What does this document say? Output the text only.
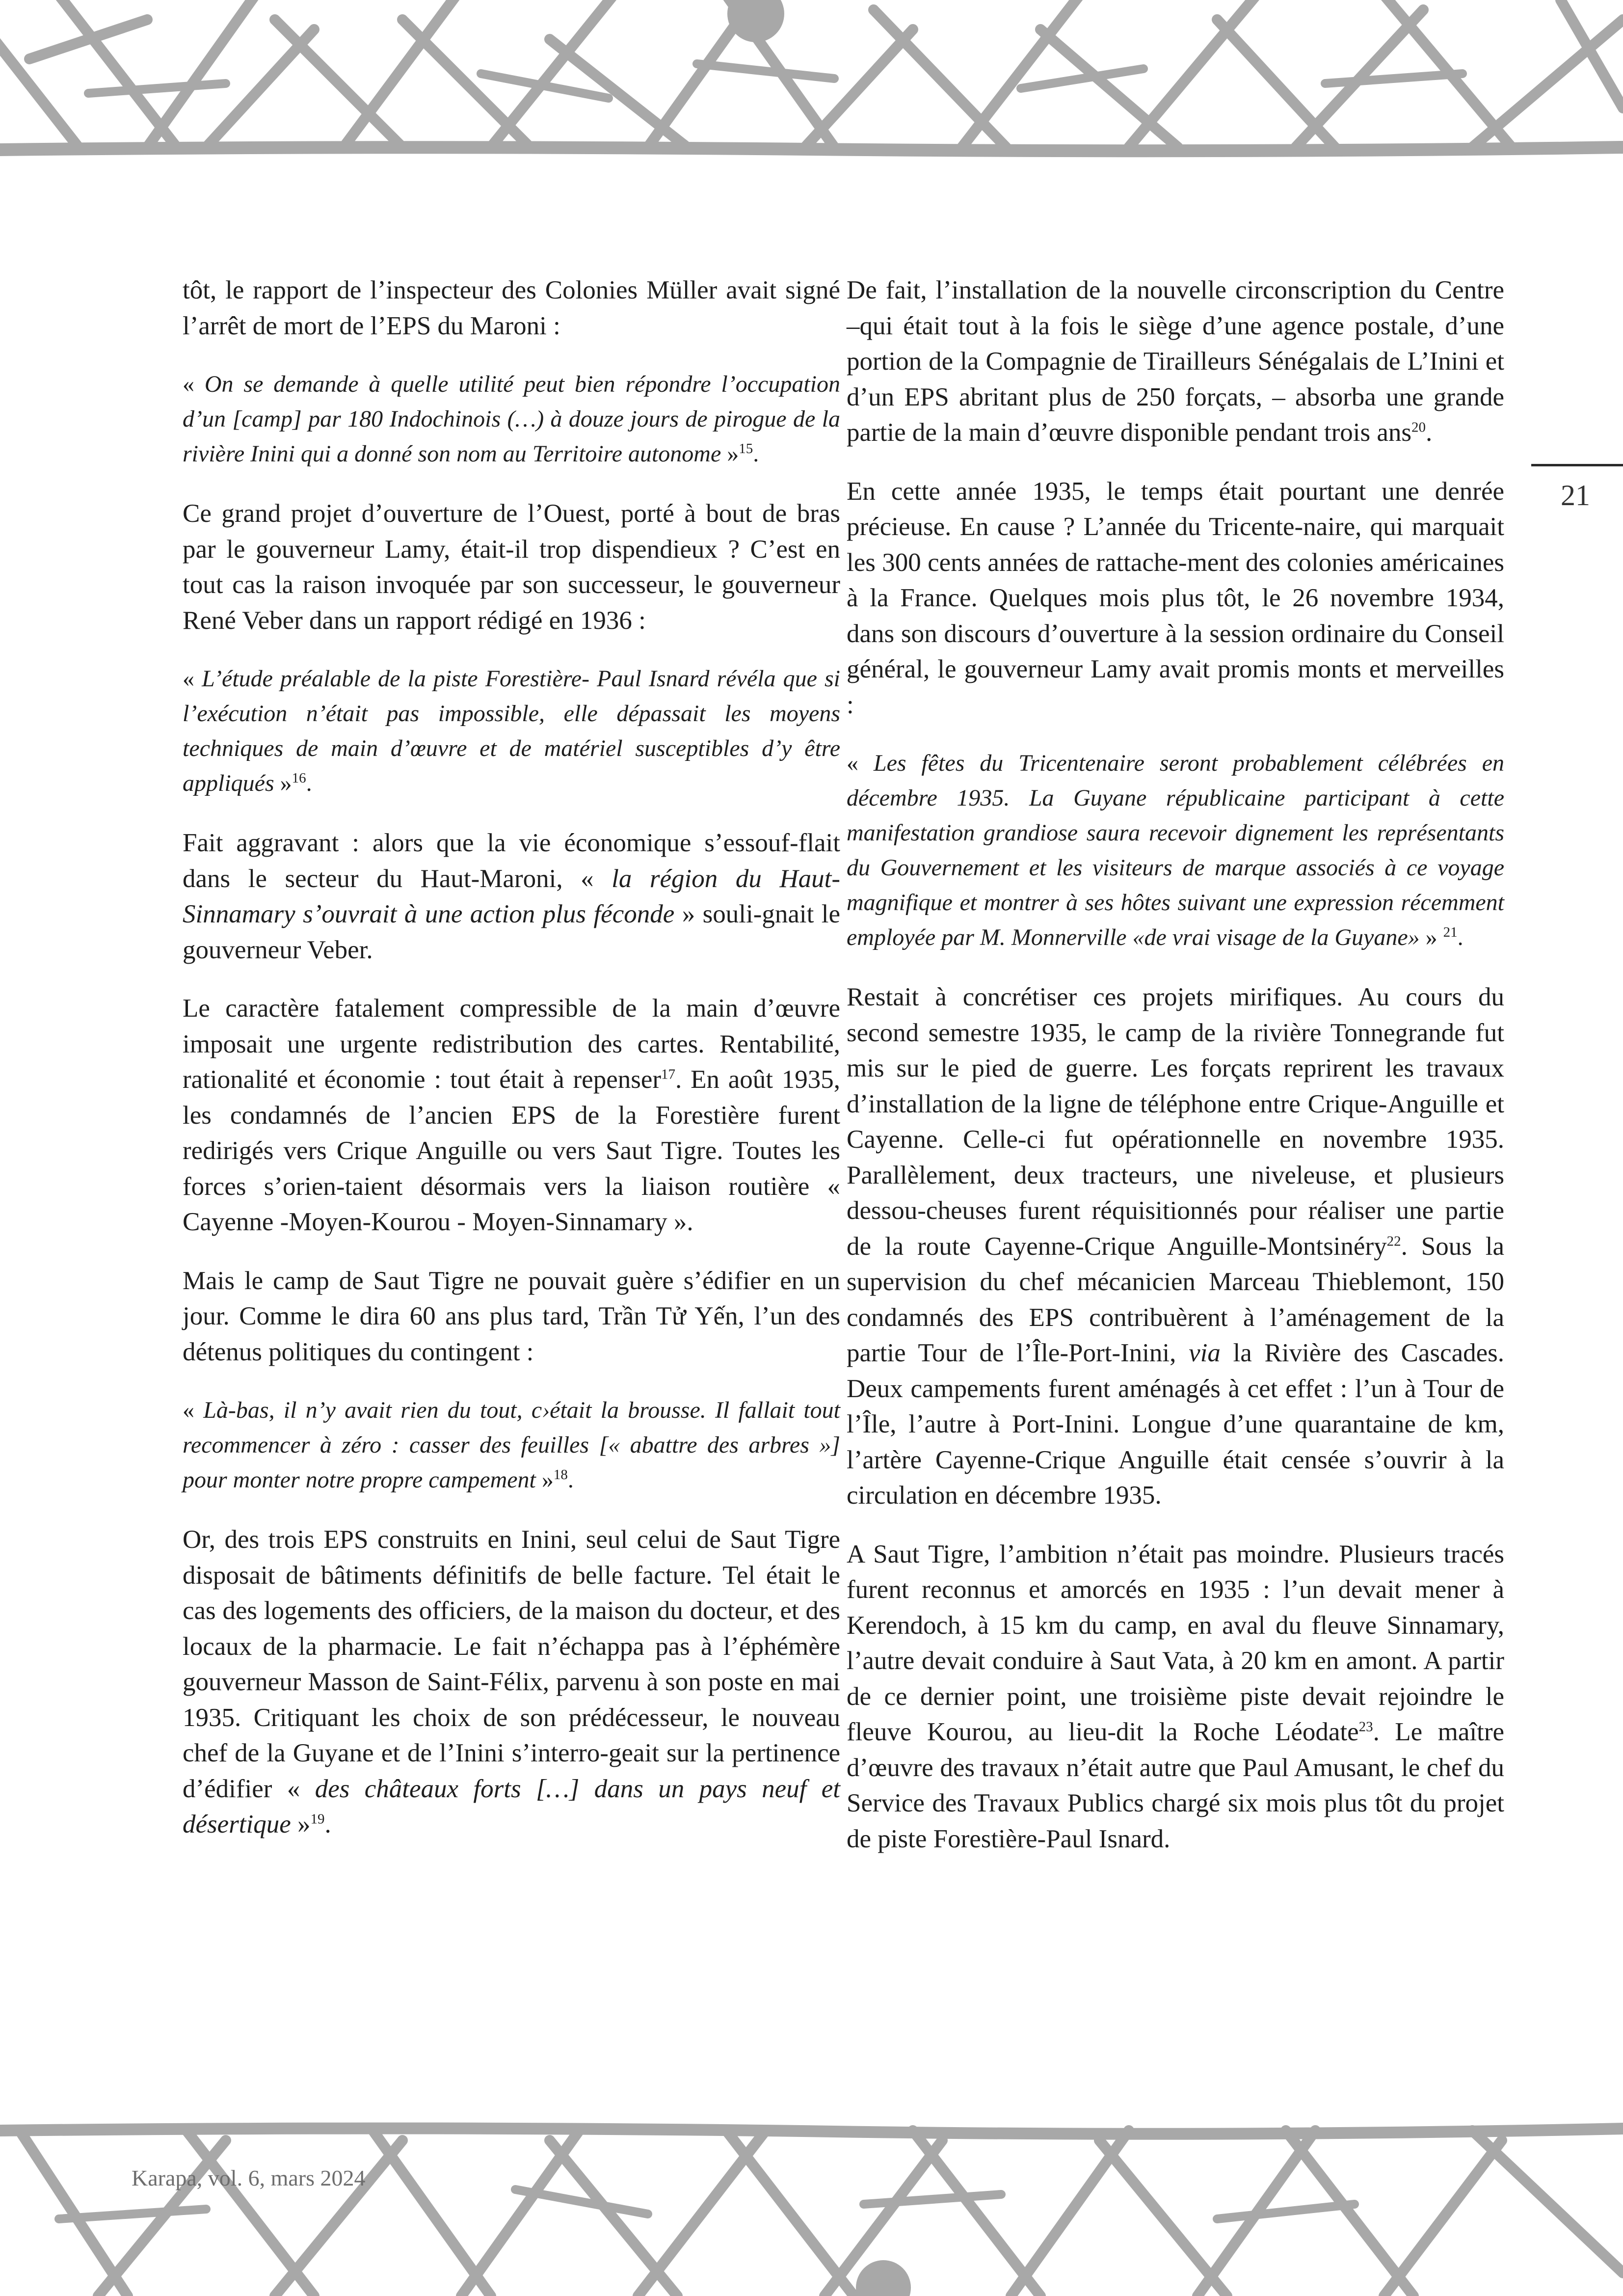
tôt, le rapport de l’inspecteur des Colonies Müller avait signé l’arrêt de mort de l’EPS du Maroni :

« On se demande à quelle utilité peut bien répondre l’occupation d’un [camp] par 180 Indochinois (…) à douze jours de pirogue de la rivière Inini qui a donné son nom au Territoire autonome »$^{15}$.

Ce grand projet d’ouverture de l’Ouest, porté à bout de bras par le gouverneur Lamy, était-il trop dispendieux ? C’est en tout cas la raison invoquée par son successeur, le gouverneur René Veber dans un rapport rédigé en 1936 :

« L’étude préalable de la piste Forestière- Paul Isnard révéla que si l’exécution n’était pas impossible, elle dépassait les moyens techniques de main d’œuvre et de matériel susceptibles d’y être appliqués »$^{16}$.

Fait aggravant : alors que la vie économique s’essouf-flait dans le secteur du Haut-Maroni, « la région du Haut-Sinnamary s’ouvrait à une action plus féconde » souli-gnait le gouverneur Veber.

Le caractère fatalement compressible de la main d’œuvre imposait une urgente redistribution des cartes. Rentabilité, rationalité et économie : tout était à repenser$^{17}$. En août 1935, les condamnés de l’ancien EPS de la Forestière furent redirigés vers Crique Anguille ou vers Saut Tigre. Toutes les forces s’orien-taient désormais vers la liaison routière « Cayenne -Moyen-Kourou - Moyen-Sinnamary ».

Mais le camp de Saut Tigre ne pouvait guère s’édifier en un jour. Comme le dira 60 ans plus tard, Trần Tử Yến, l’un des détenus politiques du contingent :

« Là-bas, il n’y avait rien du tout, c›était la brousse. Il fallait tout recommencer à zéro : casser des feuilles [« abattre des arbres »] pour monter notre propre campement »$^{18}$.

Or, des trois EPS construits en Inini, seul celui de Saut Tigre disposait de bâtiments définitifs de belle facture. Tel était le cas des logements des officiers, de la maison du docteur, et des locaux de la pharmacie. Le fait n’échappa pas à l’éphémère gouverneur Masson de Saint-Félix, parvenu à son poste en mai 1935. Critiquant les choix de son prédécesseur, le nouveau chef de la Guyane et de l’Inini s’interro-geait sur la pertinence d’édifier « des châteaux forts […] dans un pays neuf et désertique »$^{19}$.

De fait, l’installation de la nouvelle circonscription du Centre –qui était tout à la fois le siège d’une agence postale, d’une portion de la Compagnie de Tirailleurs Sénégalais de L’Inini et d’un EPS abritant plus de 250 forçats, – absorba une grande partie de la main d’œuvre disponible pendant trois ans$^{20}$.

En cette année 1935, le temps était pourtant une denrée précieuse. En cause ? L’année du Tricente-naire, qui marquait les 300 cents années de rattache-ment des colonies américaines à la France. Quelques mois plus tôt, le 26 novembre 1934, dans son discours d’ouverture à la session ordinaire du Conseil général, le gouverneur Lamy avait promis monts et merveilles :

« Les fêtes du Tricentenaire seront probablement célébrées en décembre 1935. La Guyane républicaine participant à cette manifestation grandiose saura recevoir dignement les représentants du Gouvernement et les visiteurs de marque associés à ce voyage magnifique et montrer à ses hôtes suivant une expression récemment employée par M. Monnerville «de vrai visage de la Guyane» » $^{21}$.

Restait à concrétiser ces projets mirifiques. Au cours du second semestre 1935, le camp de la rivière Tonnegrande fut mis sur le pied de guerre. Les forçats reprirent les travaux d’installation de la ligne de téléphone entre Crique-Anguille et Cayenne. Celle-ci fut opérationnelle en novembre 1935. Parallèlement, deux tracteurs, une niveleuse, et plusieurs dessou-cheuses furent réquisitionnés pour réaliser une partie de la route Cayenne-Crique Anguille-Montsinéry$^{22}$. Sous la supervision du chef mécanicien Marceau Thieblemont, 150 condamnés des EPS contribuèrent à l’aménagement de la partie Tour de l’Île-Port-Inini, via la Rivière des Cascades. Deux campements furent aménagés à cet effet : l’un à Tour de l’Île, l’autre à Port-Inini. Longue d’une quarantaine de km, l’artère Cayenne-Crique Anguille était censée s’ouvrir à la circulation en décembre 1935.

A Saut Tigre, l’ambition n’était pas moindre. Plusieurs tracés furent reconnus et amorcés en 1935 : l’un devait mener à Kerendoch, à 15 km du camp, en aval du fleuve Sinnamary, l’autre devait conduire à Saut Vata, à 20 km en amont. A partir de ce dernier point, une troisième piste devait rejoindre le fleuve Kourou, au lieu-dit la Roche Léodate$^{23}$. Le maître d’œuvre des travaux n’était autre que Paul Amusant, le chef du Service des Travaux Publics chargé six mois plus tôt du projet de piste Forestière-Paul Isnard.

21
Karapa, vol. 6, mars 2024
